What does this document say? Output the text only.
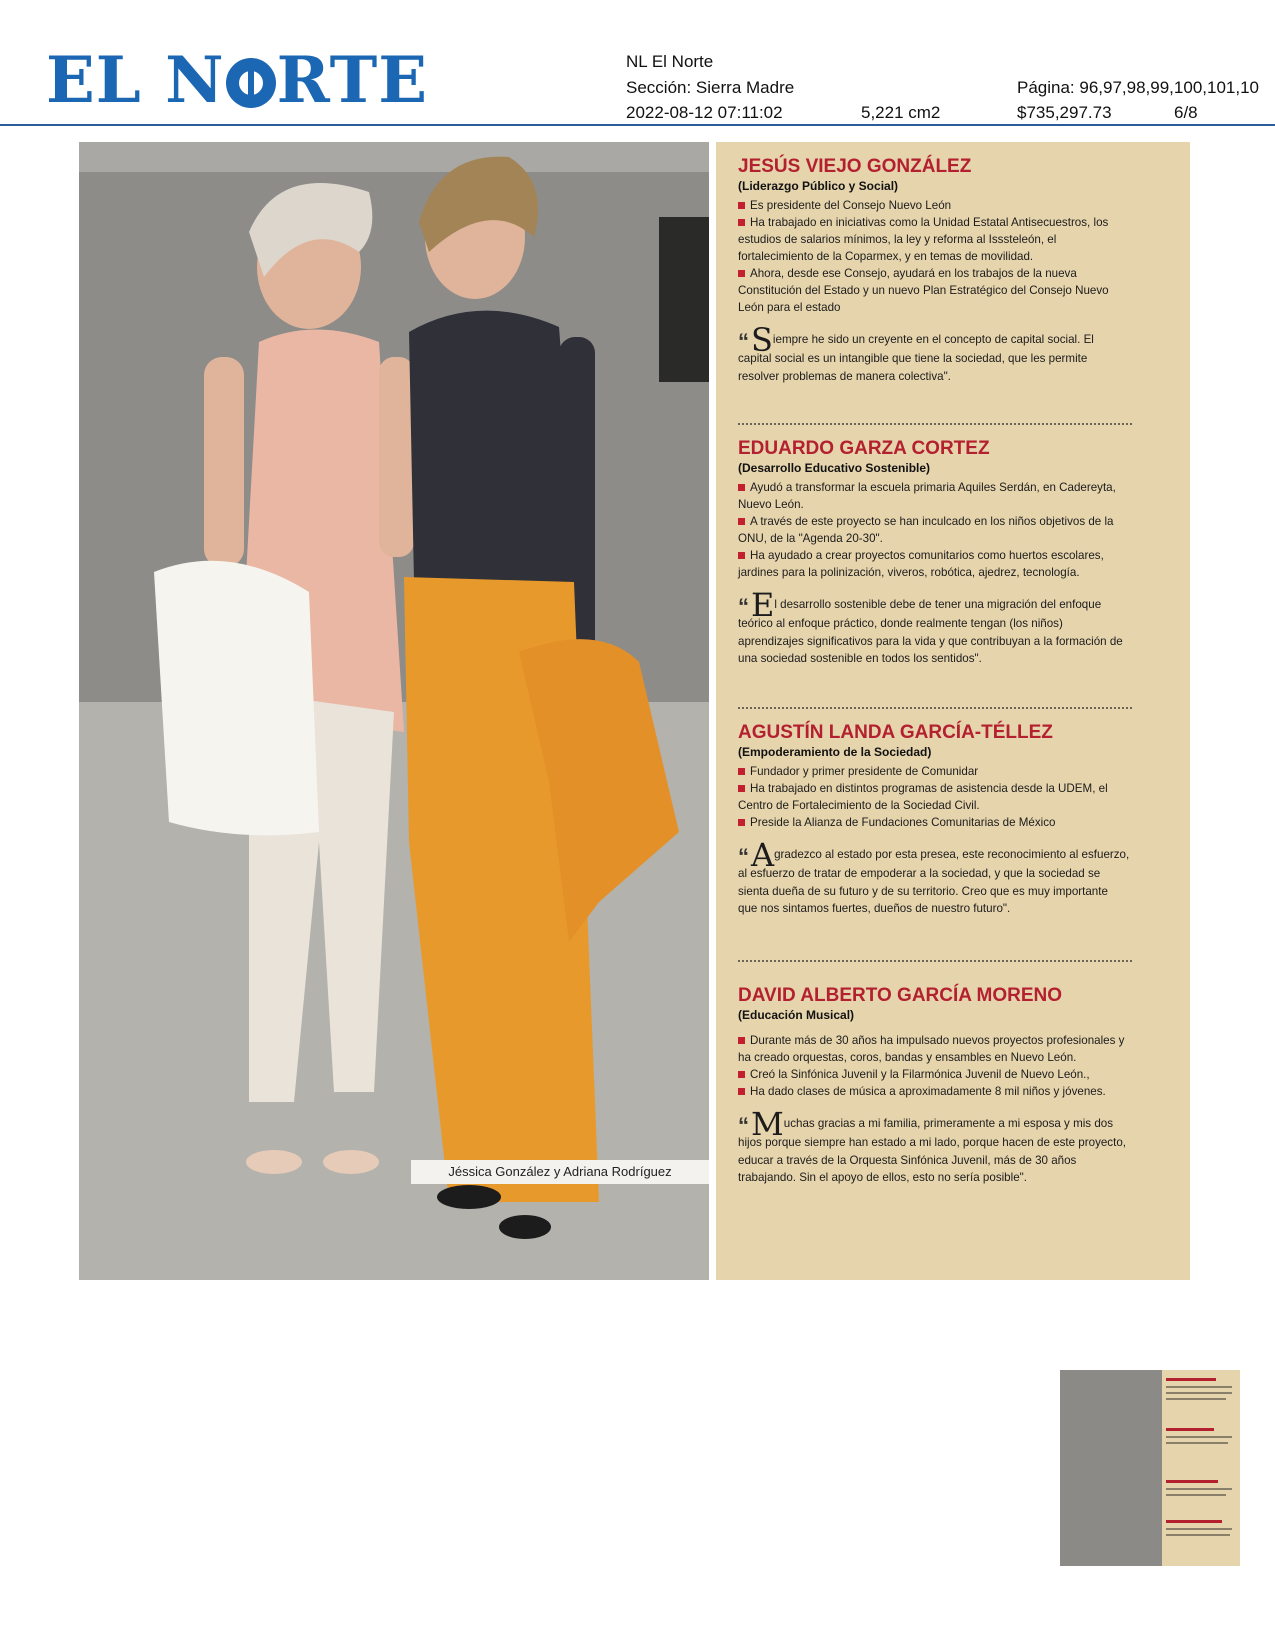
EL N RTE	NL El Norte
Sección: Sierra Madre	Página: 96,97,98,99,100,101,10
2022-08-12 07:11:02	5,221 cm2	$735,297.73	6/8
Jéssica González y Adriana Rodríguez
JESÚS VIEJO GONZÁLEZ
(Liderazgo Público y Social)
Es presidente del Consejo Nuevo León
Ha trabajado en iniciativas como la Unidad Estatal Antisecuestros, los estudios de salarios mínimos, la ley y reforma al Isssteleón, el fortalecimiento de la Coparmex, y en temas de movilidad.
Ahora, desde ese Consejo, ayudará en los trabajos de la nueva Constitución del Estado y un nuevo Plan Estratégico del Consejo Nuevo León para el estado
“Siempre he sido un creyente en el concepto de capital social. El capital social es un intangible que tiene la sociedad, que les permite resolver problemas de manera colectiva".
EDUARDO GARZA CORTEZ
(Desarrollo Educativo Sostenible)
Ayudó a transformar la escuela primaria Aquiles Serdán, en Cadereyta, Nuevo León.
A través de este proyecto se han inculcado en los niños objetivos de la ONU, de la "Agenda 20-30".
Ha ayudado a crear proyectos comunitarios como huertos escolares, jardines para la polinización, viveros, robótica, ajedrez, tecnología.
“El desarrollo sostenible debe de tener una migración del enfoque teórico al enfoque práctico, donde realmente tengan (los niños) aprendizajes significativos para la vida y que contribuyan a la formación de una sociedad sostenible en todos los sentidos".
AGUSTÍN LANDA GARCÍA-TÉLLEZ
(Empoderamiento de la Sociedad)
Fundador y primer presidente de Comunidar
Ha trabajado en distintos programas de asistencia desde la UDEM, el Centro de Fortalecimiento de la Sociedad Civil.
Preside la Alianza de Fundaciones Comunitarias de México
“Agradezco al estado por esta presea, este reconocimiento al esfuerzo, al esfuerzo de tratar de empoderar a la sociedad, y que la sociedad se sienta dueña de su futuro y de su territorio. Creo que es muy importante que nos sintamos fuertes, dueños de nuestro futuro".
DAVID ALBERTO GARCÍA MORENO
(Educación Musical)
Durante más de 30 años ha impulsado nuevos proyectos profesionales y ha creado orquestas, coros, bandas y ensambles en Nuevo León.
Creó la Sinfónica Juvenil y la Filarmónica Juvenil de Nuevo León.,
Ha dado clases de música a aproximadamente 8 mil niños y jóvenes.
“Muchas gracias a mi familia, primeramente a mi esposa y mis dos hijos porque siempre han estado a mi lado, porque hacen de este proyecto, educar a través de la Orquesta Sinfónica Juvenil, más de 30 años trabajando. Sin el apoyo de ellos, esto no sería posible".
